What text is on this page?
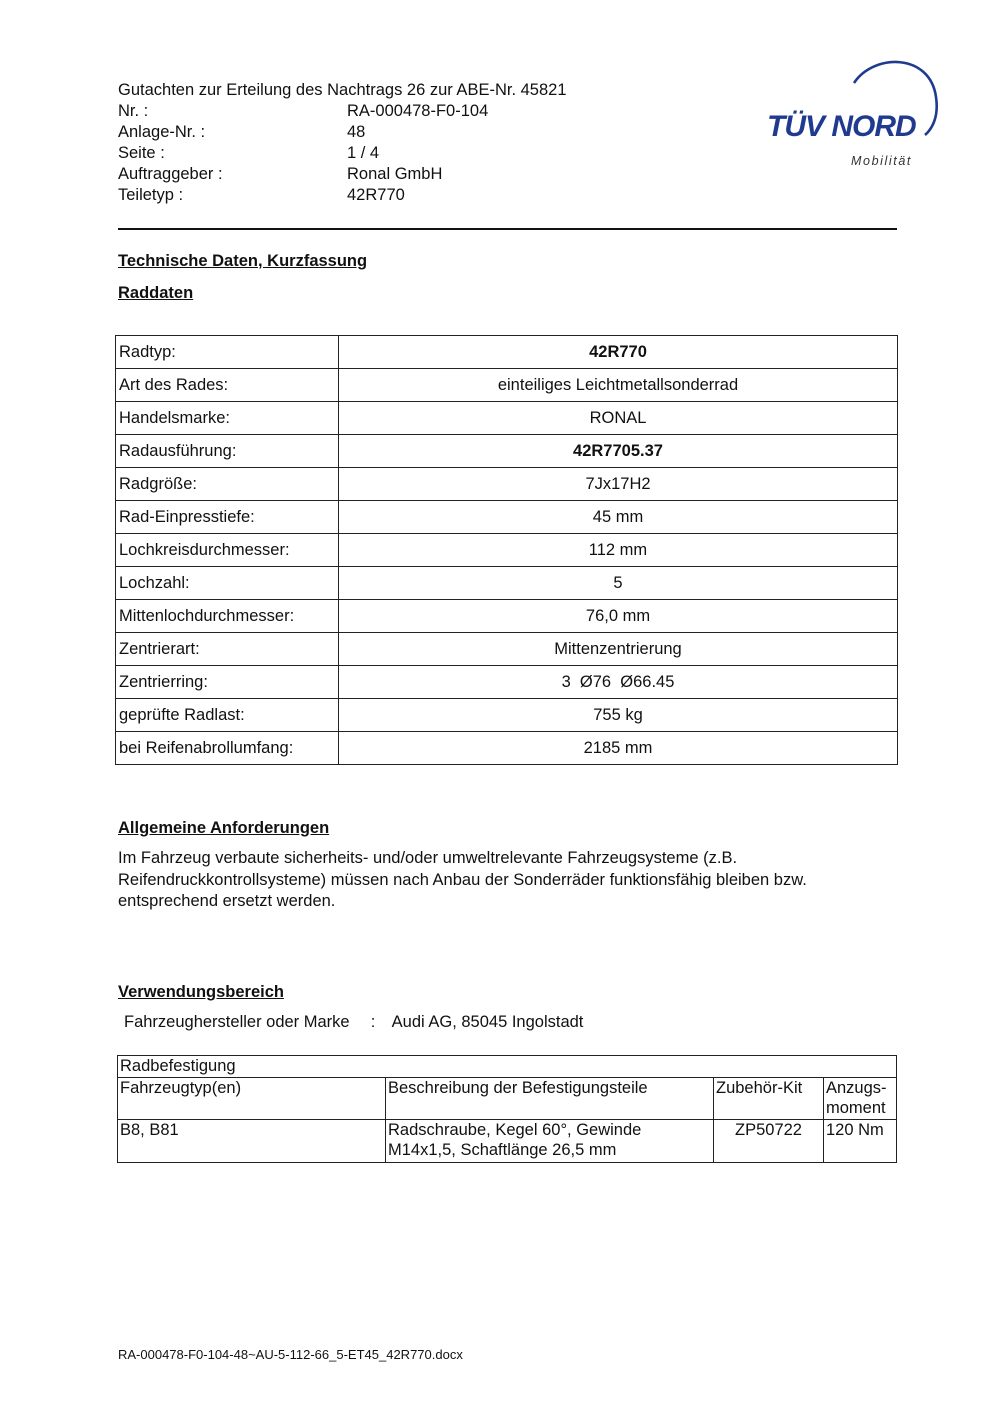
Gutachten zur Erteilung des Nachtrags 26 zur ABE-Nr. 45821
Nr. :	RA-000478-F0-104
Anlage-Nr. :	48
Seite :	1 / 4
Auftraggeber :	Ronal GmbH
Teiletyp :	42R770
TÜV NORD
Mobilität
Technische Daten, Kurzfassung
Raddaten
Radtyp:	42R770
Art des Rades:	einteiliges Leichtmetallsonderrad
Handelsmarke:	RONAL
Radausführung:	42R7705.37
Radgröße:	7Jx17H2
Rad-Einpresstiefe:	45 mm
Lochkreisdurchmesser:	112 mm
Lochzahl:	5
Mittenlochdurchmesser:	76,0 mm
Zentrierart:	Mittenzentrierung
Zentrierring:	3  Ø76  Ø66.45
geprüfte Radlast:	755 kg
bei Reifenabrollumfang:	2185 mm
Allgemeine Anforderungen
Im Fahrzeug verbaute sicherheits- und/oder umweltrelevante Fahrzeugsysteme (z.B. Reifendruckkontrollsysteme) müssen nach Anbau der Sonderräder funktionsfähig bleiben bzw. entsprechend ersetzt werden.
Verwendungsbereich
Fahrzeughersteller oder Marke : Audi AG, 85045 Ingolstadt
Radbefestigung			
Fahrzeugtyp(en)	Beschreibung der Befestigungsteile	Zubehör-Kit	Anzugs-
moment
B8, B81	Radschraube, Kegel 60°, Gewinde M14x1,5, Schaftlänge 26,5 mm	ZP50722	120 Nm
RA-000478-F0-104-48~AU-5-112-66_5-ET45_42R770.docx
